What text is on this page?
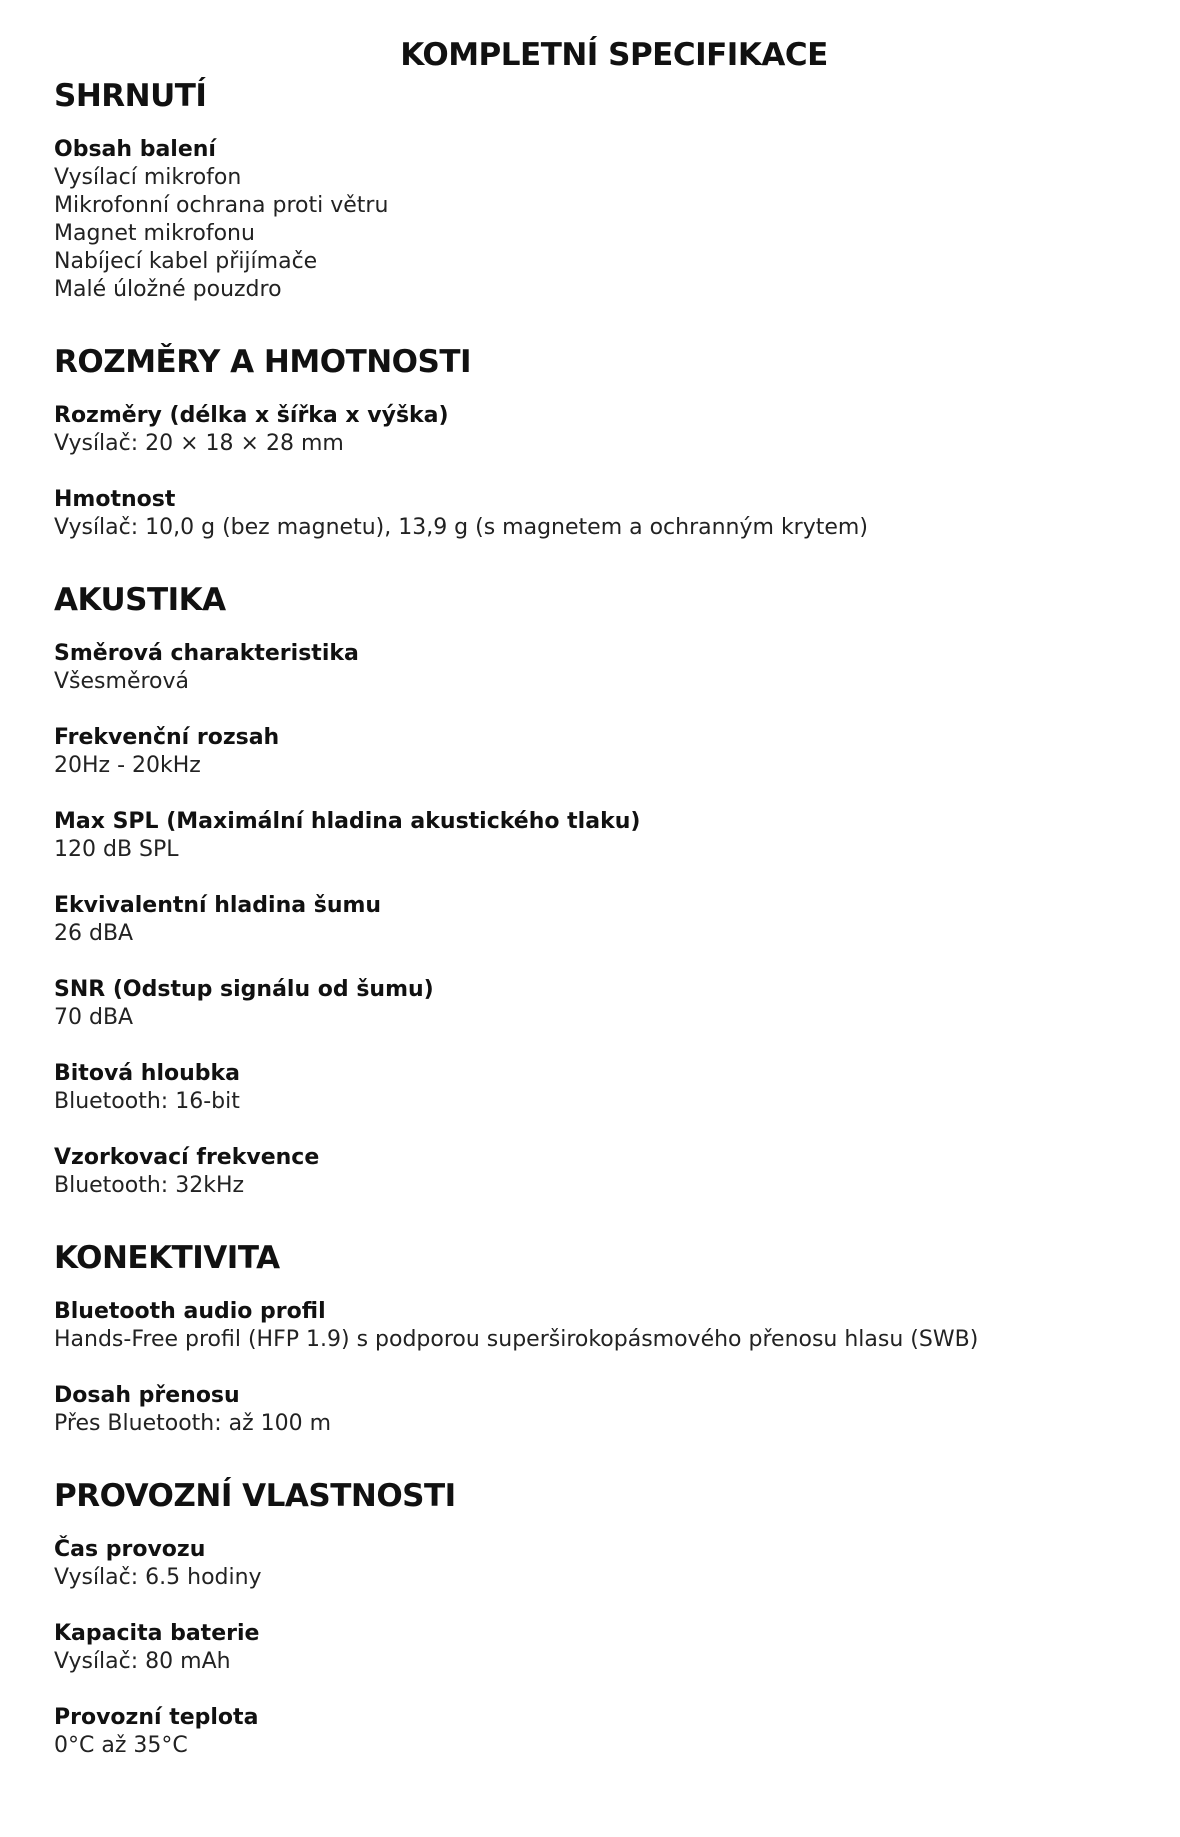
KOMPLETNÍ SPECIFIKACE
SHRNUTÍ
Obsah balení
Vysílací mikrofon
Mikrofonní ochrana proti větru
Magnet mikrofonu
Nabíjecí kabel přijímače
Malé úložné pouzdro
ROZMĚRY A HMOTNOSTI
Rozměry (délka x šířka x výška)
Vysílač: 20 × 18 × 28 mm
Hmotnost
Vysílač: 10,0 g (bez magnetu), 13,9 g (s magnetem a ochranným krytem)
AKUSTIKA
Směrová charakteristika
Všesměrová
Frekvenční rozsah
20Hz - 20kHz
Max SPL (Maximální hladina akustického tlaku)
120 dB SPL
Ekvivalentní hladina šumu
26 dBA
SNR (Odstup signálu od šumu)
70 dBA
Bitová hloubka
Bluetooth: 16-bit
Vzorkovací frekvence
Bluetooth: 32kHz
KONEKTIVITA
Bluetooth audio profil
Hands-Free profil (HFP 1.9) s podporou superširokopásmového přenosu hlasu (SWB)
Dosah přenosu
Přes Bluetooth: až 100 m
PROVOZNÍ VLASTNOSTI
Čas provozu
Vysílač: 6.5 hodiny
Kapacita baterie
Vysílač: 80 mAh
Provozní teplota
0°C až 35°C
